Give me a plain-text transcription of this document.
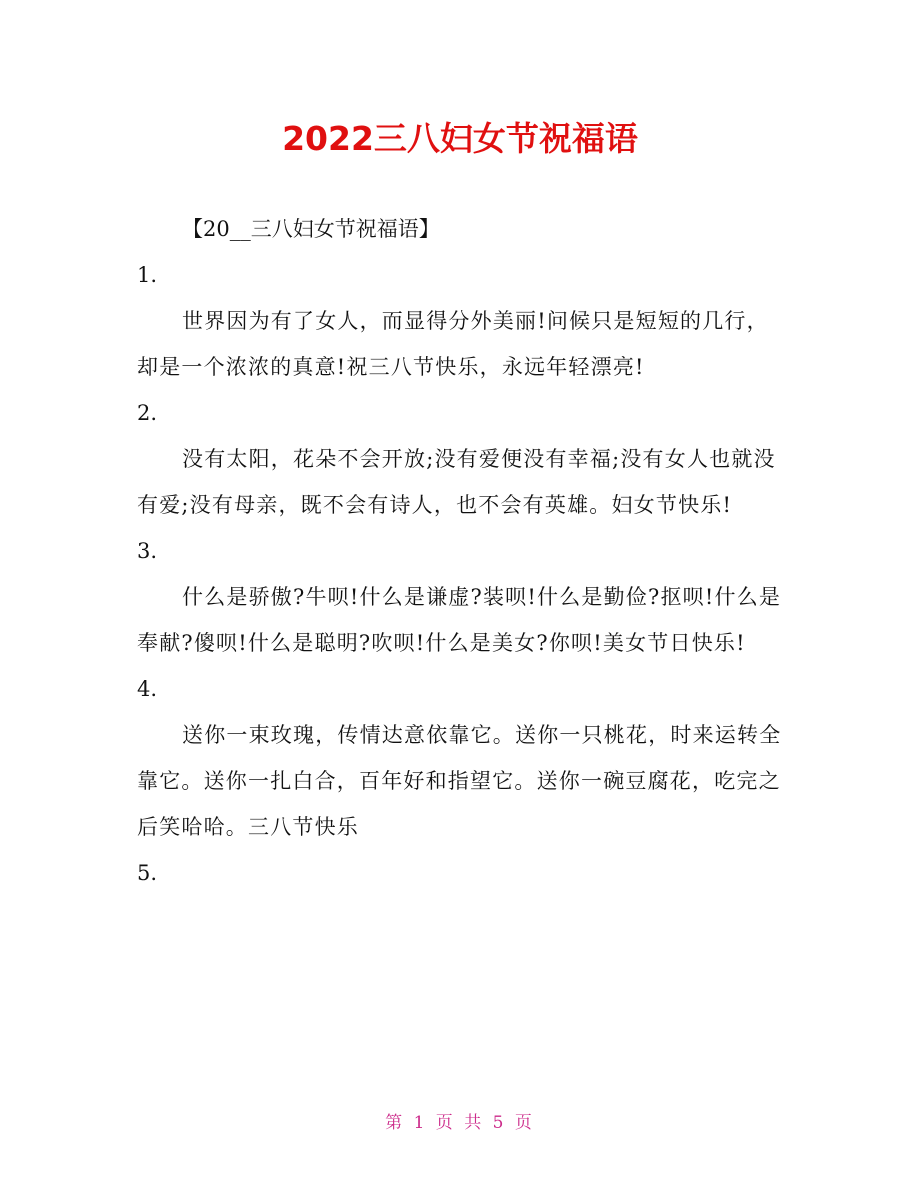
2022三八妇女节祝福语

【20__三八妇女节祝福语】

1.

世界因为有了女人，而显得分外美丽!问候只是短短的几行，却是一个浓浓的真意!祝三八节快乐，永远年轻漂亮!

2.

没有太阳，花朵不会开放;没有爱便没有幸福;没有女人也就没有爱;没有母亲，既不会有诗人，也不会有英雄。妇女节快乐!

3.

什么是骄傲?牛呗!什么是谦虚?装呗!什么是勤俭?抠呗!什么是奉献?傻呗!什么是聪明?吹呗!什么是美女?你呗!美女节日快乐!

4.

送你一束玫瑰，传情达意依靠它。送你一只桃花，时来运转全靠它。送你一扎白合，百年好和指望它。送你一碗豆腐花，吃完之后笑哈哈。三八节快乐

5.

第 1 页 共 5 页
